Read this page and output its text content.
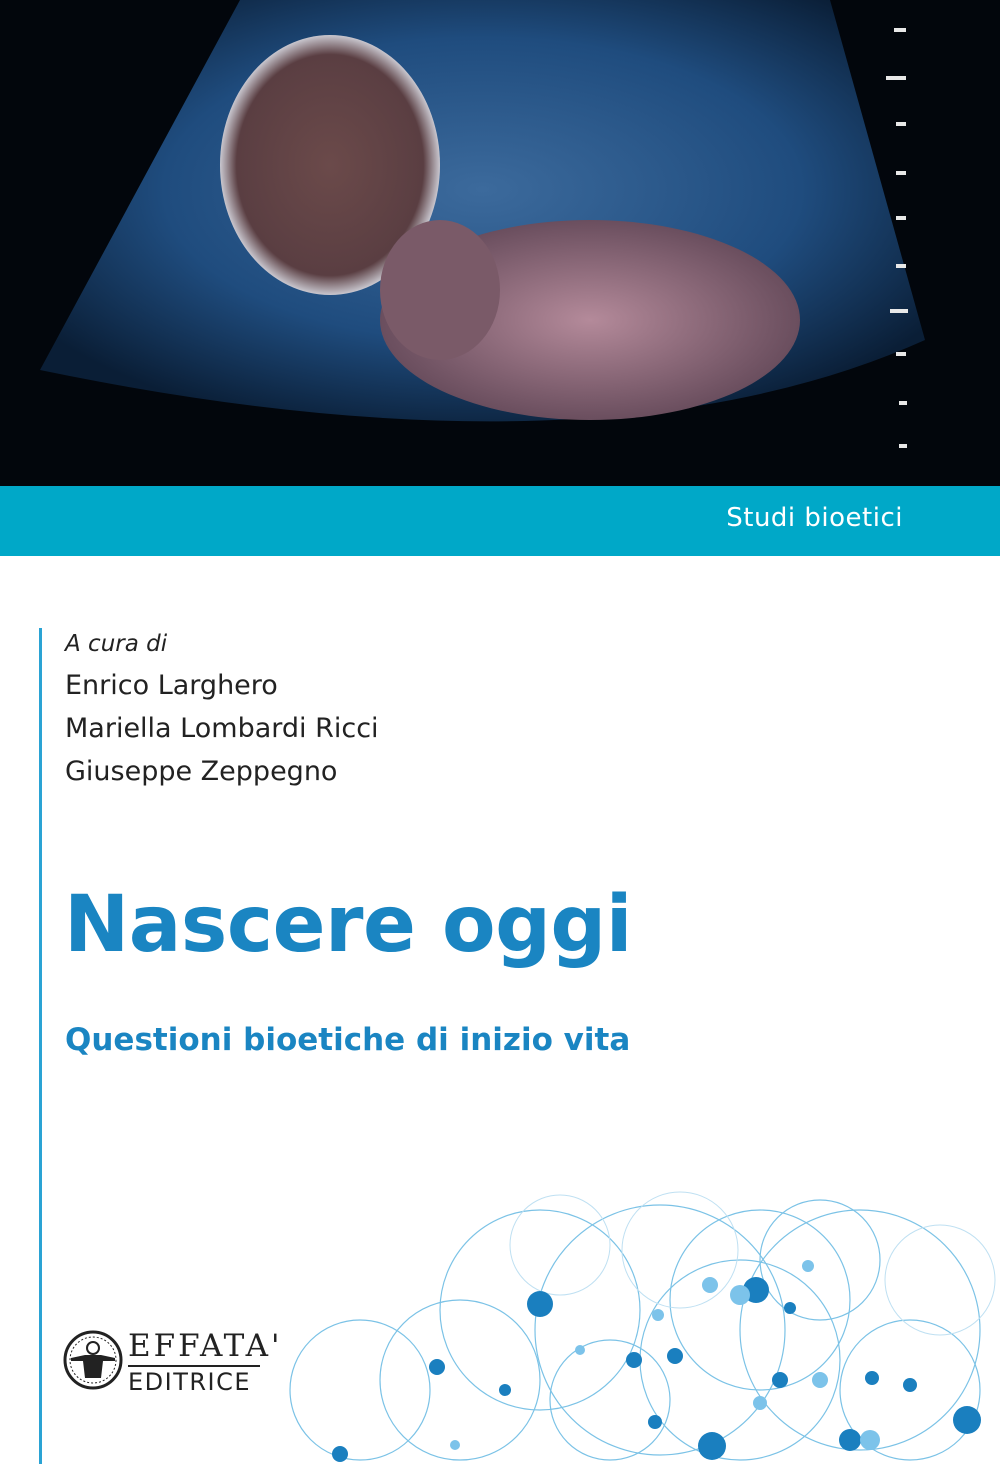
Studi bioetici
A cura di
Enrico Larghero
Mariella Lombardi Ricci
Giuseppe Zeppegno
Nascere oggi
Questioni bioetiche di inizio vita
EFFATA'
EDITRICE
